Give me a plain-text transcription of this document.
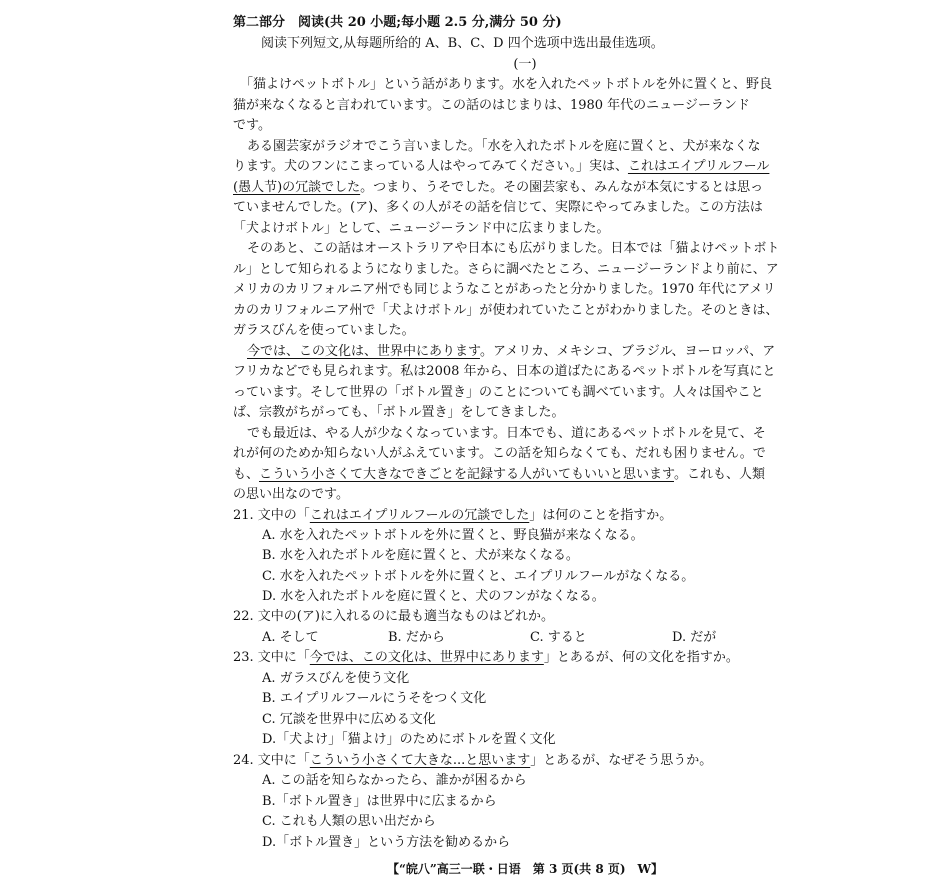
第二部分　阅读(共 20 小题;每小题 2.5 分,满分 50 分)
阅读下列短文,从每题所给的 A、B、C、D 四个选项中选出最佳选项。
(一)
「猫よけペットボトル」という話があります。水を入れたペットボトルを外に置くと、野良
猫が来なくなると言われています。この話のはじまりは、1980 年代のニュージーランド
です。
ある園芸家がラジオでこう言いました。「水を入れたボトルを庭に置くと、犬が来なくな
ります。犬のフンにこまっている人はやってみてください。」実は、これはエイプリルフール
(愚人节)の冗談でした。つまり、うそでした。その園芸家も、みんなが本気にするとは思っ
ていませんでした。(ア)、多くの人がその話を信じて、実際にやってみました。この方法は
「犬よけボトル」として、ニュージーランド中に広まりました。
そのあと、この話はオーストラリアや日本にも広がりました。日本では「猫よけペットボト
ル」として知られるようになりました。さらに調べたところ、ニュージーランドより前に、ア
メリカのカリフォルニア州でも同じようなことがあったと分かりました。1970 年代にアメリ
カのカリフォルニア州で「犬よけボトル」が使われていたことがわかりました。そのときは、
ガラスびんを使っていました。
今では、この文化は、世界中にあります。アメリカ、メキシコ、ブラジル、ヨーロッパ、ア
フリカなどでも見られます。私は2008 年から、日本の道ばたにあるペットボトルを写真にと
っています。そして世界の「ボトル置き」のことについても調べています。人々は国やこと
ば、宗教がちがっても、「ボトル置き」をしてきました。
でも最近は、やる人が少なくなっています。日本でも、道にあるペットボトルを見て、そ
れが何のためか知らない人がふえています。この話を知らなくても、だれも困りません。で
も、こういう小さくて大きなできごとを記録する人がいてもいいと思います。これも、人類
の思い出なのです。
21. 文中の「これはエイプリルフールの冗談でした」は何のことを指すか。
A. 水を入れたペットボトルを外に置くと、野良猫が来なくなる。
B. 水を入れたボトルを庭に置くと、犬が来なくなる。
C. 水を入れたペットボトルを外に置くと、エイプリルフールがなくなる。
D. 水を入れたボトルを庭に置くと、犬のフンがなくなる。
22. 文中の(ア)に入れるのに最も適当なものはどれか。
A. そして	B. だから	C. すると	D. だが
23. 文中に「今では、この文化は、世界中にあります」とあるが、何の文化を指すか。
A. ガラスびんを使う文化
B. エイプリルフールにうそをつく文化
C. 冗談を世界中に広める文化
D.「犬よけ」「猫よけ」のためにボトルを置く文化
24. 文中に「こういう小さくて大きな...と思います」とあるが、なぜそう思うか。
A. この話を知らなかったら、誰かが困るから
B.「ボトル置き」は世界中に広まるから
C. これも人類の思い出だから
D.「ボトル置き」という方法を勧めるから
【“皖八”高三一联・日语　第 3 页(共 8 页)　W】
